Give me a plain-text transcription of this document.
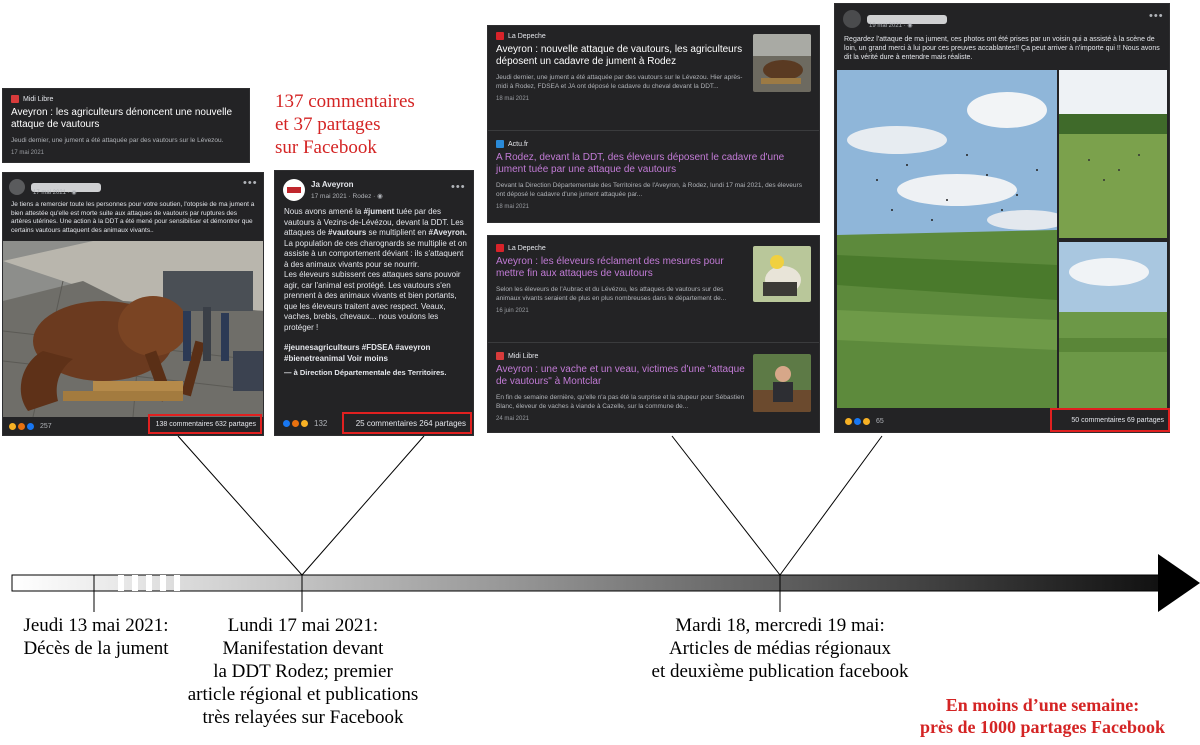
Midi Libre
Aveyron : les agriculteurs dénoncent une nouvelle attaque de vautours
Jeudi dernier, une jument a été attaquée par des vautours sur le Lévezou.
17 mai 2021
17 mai 2021 · ◉
•••
Je tiens a remercier toute les personnes pour votre soutien, l'otopsie de ma jument a bien attestée qu'elle est morte suite aux attaques de vautours par ruptures des artères utérines. Une action à la DDT a été mené pour sensibiliser et démontrer que certains vautours attaquent des animaux vivants..
257	138 commentaires 632 partages
137 commentaires
et 37 partages
sur Facebook
Ja Aveyron
17 mai 2021 · Rodez · ◉
•••
Nous avons amené la #jument tuée par des vautours à Vezins-de-Lévézou, devant la DDT. Les attaques de #vautours se multiplient en #Aveyron. La population de ces charognards se multiplie et on assiste à un comportement déviant : ils s'attaquent à des animaux vivants pour se nourrir.
Les éleveurs subissent ces attaques sans pouvoir agir, car l'animal est protégé. Les vautours s'en prennent à des animaux vivants et bien portants, que les éleveurs traitent avec respect. Veaux, vaches, brebis, chevaux... nous voulons les protéger !
#jeunesagriculteurs #FDSEA #aveyron #bienetreanimal Voir moins
— à Direction Départementale des Territoires.
132	25 commentaires 264 partages
La Depeche
Aveyron : nouvelle attaque de vautours, les agriculteurs déposent un cadavre de jument à Rodez
Jeudi dernier, une jument a été attaquée par des vautours sur le Lévezou. Hier après-midi à Rodez, FDSEA et JA ont déposé le cadavre du cheval devant la DDT...
18 mai 2021
Actu.fr
A Rodez, devant la DDT, des éleveurs déposent le cadavre d'une jument tuée par une attaque de vautours
Devant la Direction Départementale des Territoires de l'Aveyron, à Rodez, lundi 17 mai 2021, des éleveurs ont déposé le cadavre d'une jument attaquée par...
18 mai 2021
La Depeche
Aveyron : les éleveurs réclament des mesures pour mettre fin aux attaques de vautours
Selon les éleveurs de l'Aubrac et du Lévézou, les attaques de vautours sur des animaux vivants seraient de plus en plus nombreuses dans le département de...
16 juin 2021
Midi Libre
Aveyron : une vache et un veau, victimes d'une "attaque de vautours" à Montclar
En fin de semaine dernière, qu'elle n'a pas été la surprise et la stupeur pour Sébastien Blanc, éleveur de vaches à viande à Cazelle, sur la commune de...
24 mai 2021
19 mai 2021 · ◉
•••
Regardez l'attaque de ma jument, ces photos ont été prises par un voisin qui a assisté à la scène de loin, un grand merci à lui pour ces preuves accablantes!! Ça peut arriver à n'importe qui !! Nous avons dit la vérité dure à entendre mais réaliste.
65	50 commentaires 69 partages
Jeudi 13 mai 2021:
Décès de la jument
Lundi 17 mai 2021:
Manifestation devant
la DDT Rodez; premier
article régional et publications
très relayées sur Facebook
Mardi 18, mercredi 19 mai:
Articles de médias régionaux
et deuxième publication facebook
En moins d’une semaine:
près de 1000 partages Facebook
